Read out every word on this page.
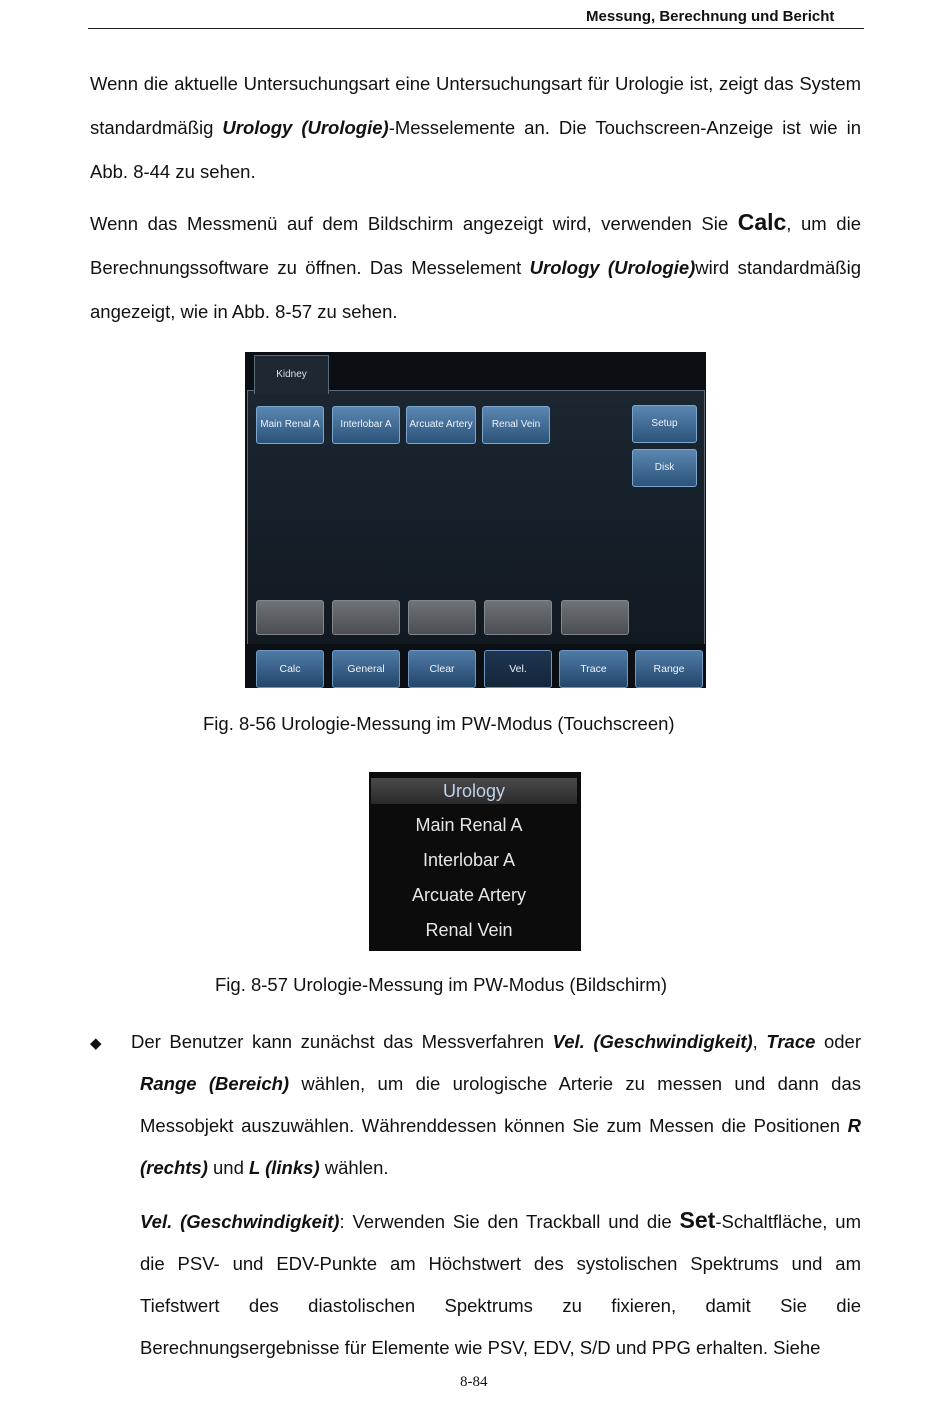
Messung, Berechnung und Bericht

Wenn die aktuelle Untersuchungsart eine Untersuchungsart für Urologie ist, zeigt das System standardmäßig Urology (Urologie)-Messelemente an. Die Touchscreen-Anzeige ist wie in Abb. 8-44 zu sehen.

Wenn das Messmenü auf dem Bildschirm angezeigt wird, verwenden Sie Calc, um die Berechnungssoftware zu öffnen. Das Messelement Urology (Urologie)wird standardmäßig angezeigt, wie in Abb. 8-57 zu sehen.

Kidney
Main Renal A	Interlobar A	Arcuate Artery	Renal Vein	Setup
Disk
Calc	General	Clear	Vel.	Trace	Range
Fig. 8-56 Urologie-Messung im PW-Modus (Touchscreen)
Urology
Main Renal A
Interlobar A
Arcuate Artery
Renal Vein
Fig. 8-57 Urologie-Messung im PW-Modus (Bildschirm)
◆ Der Benutzer kann zunächst das Messverfahren Vel. (Geschwindigkeit), Trace oder Range (Bereich) wählen, um die urologische Arterie zu messen und dann das Messobjekt auszuwählen. Währenddessen können Sie zum Messen die Positionen R (rechts) und L (links) wählen.

Vel. (Geschwindigkeit): Verwenden Sie den Trackball und die Set-Schaltfläche, um die PSV- und EDV-Punkte am Höchstwert des systolischen Spektrums und am Tiefstwert des diastolischen Spektrums zu fixieren, damit Sie die Berechnungsergebnisse für Elemente wie PSV, EDV, S/D und PPG erhalten. Siehe

8-84
